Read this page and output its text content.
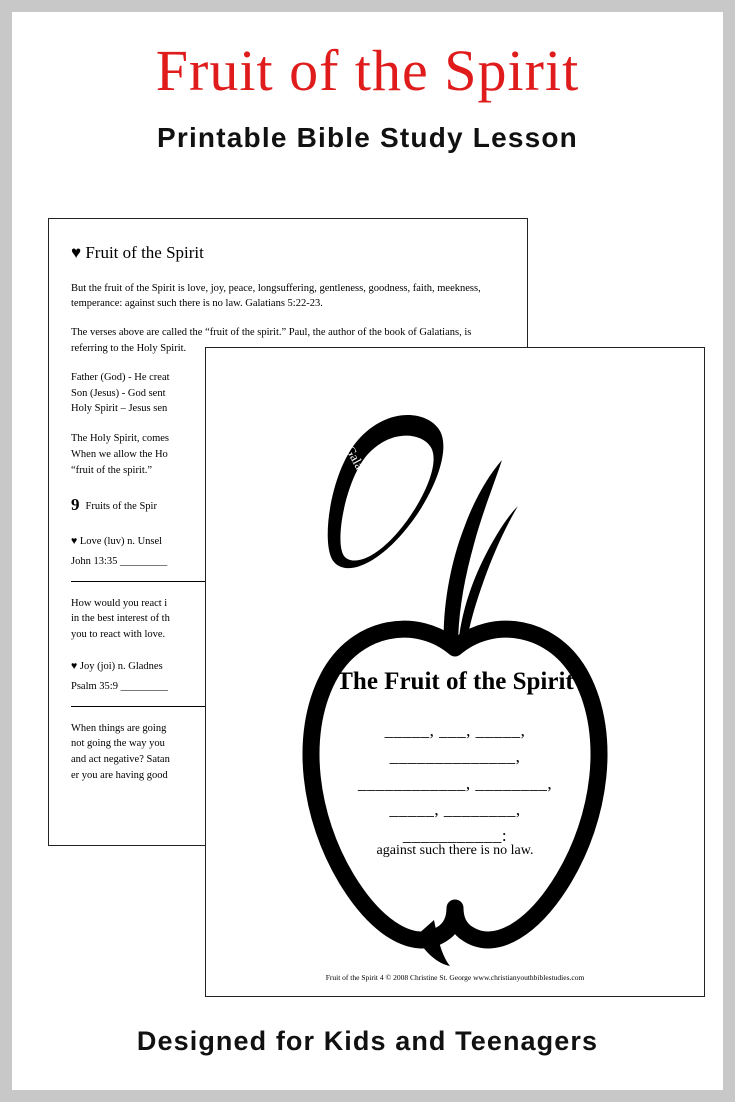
Fruit of the Spirit
Printable Bible Study Lesson
♥ Fruit of the Spirit
But the fruit of the Spirit is love, joy, peace, longsuffering, gentleness, goodness, faith, meekness, temperance: against such there is no law. Galatians 5:22-23.
The verses above are called the “fruit of the spirit.” Paul, the author of the book of Galatians, is referring to the Holy Spirit.
Father (God) - He creat
Son (Jesus) - God sent
Holy Spirit – Jesus sen
The Holy Spirit, comes
When we allow the Ho
“fruit of the spirit.”
9 Fruits of the Spir
♥ Love (luv) n. Unsel
John 13:35 _________
How would you react i
in the best interest of th
you to react with love.
♥ Joy (joi) n. Gladnes
Psalm 35:9 _________
When things are going
not going the way you
and act negative? Satan
er you are having good
Galatians 5:22-23
The Fruit of the Spirit
_____, ___, _____,
______________,
____________, ________,
_____, ________,
___________:
against such there is no law.
Fruit of the Spirit 4 © 2008 Christine St. George www.christianyouthbiblestudies.com
Designed for Kids and Teenagers
